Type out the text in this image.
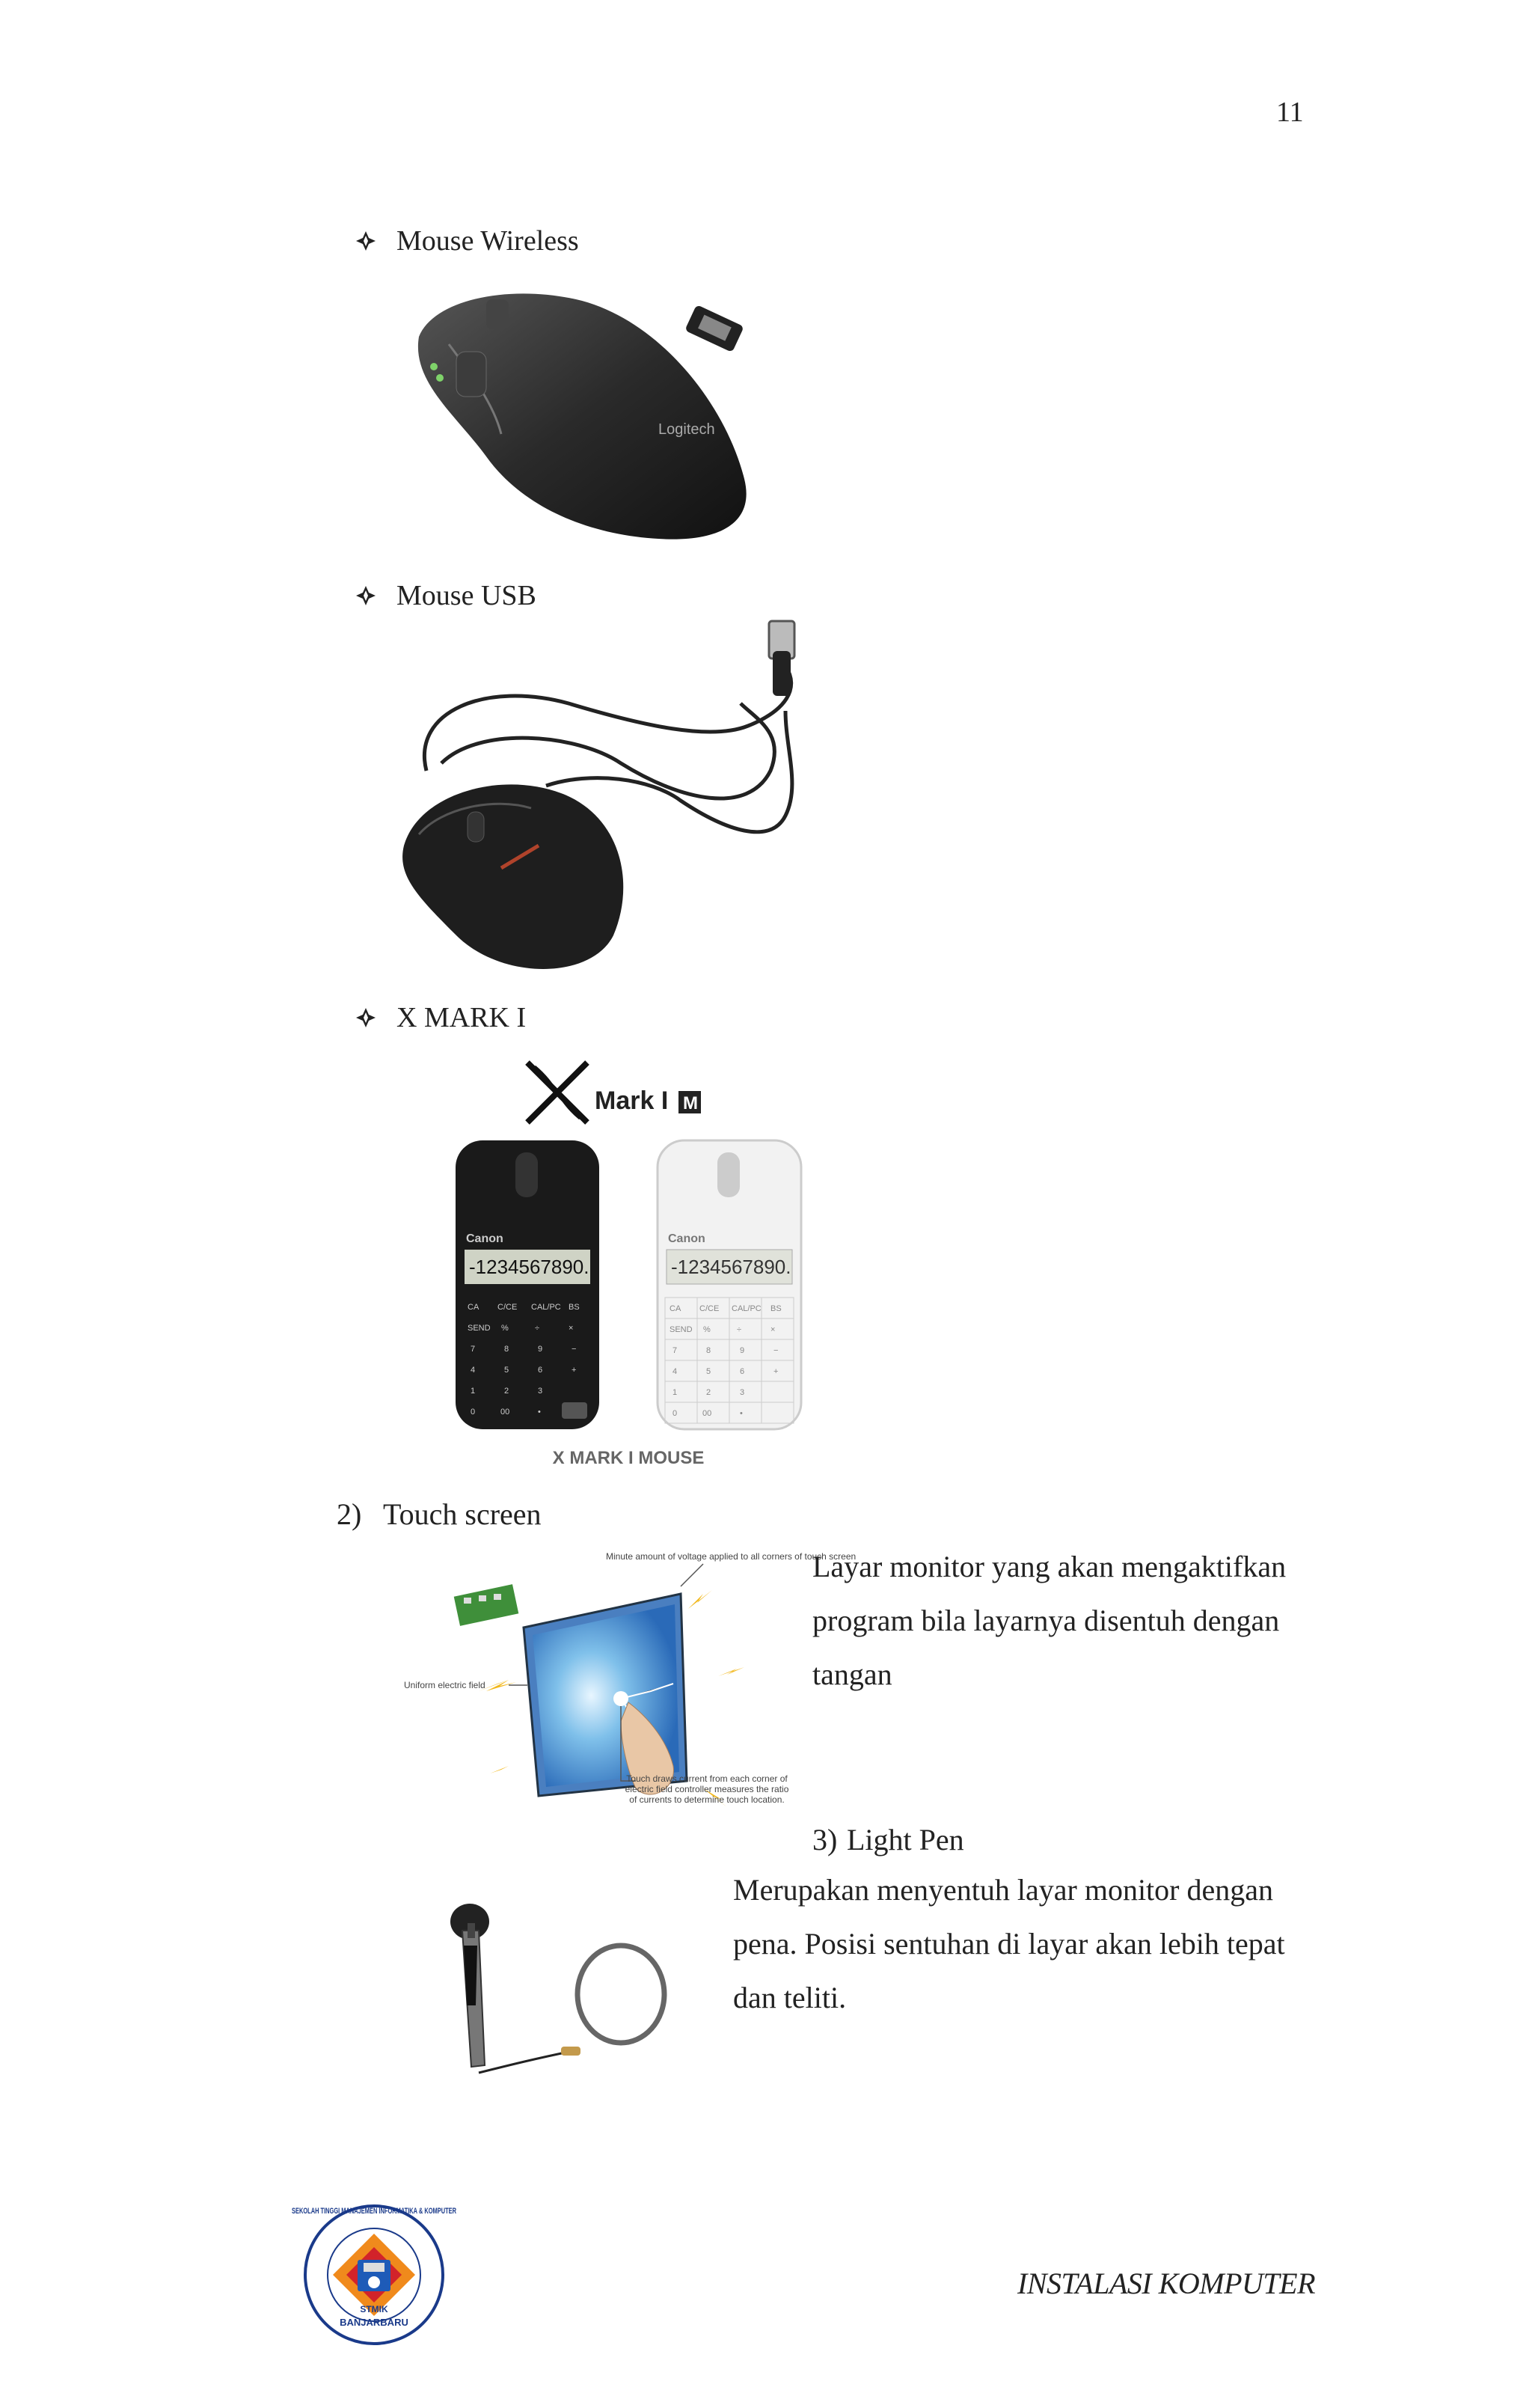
11
Mouse Wireless
Logitech
Mouse USB
X MARK I
Mark I M
Canon
-1234567890.
CA C/CE CAL/PC BS
SEND %	÷	×
7	8	9	−
4	5	6	+
1	2	3
0	00	•
Canon
-1234567890.
CA C/CE CAL/PC BS
SEND %	÷	×
7	8	9	−
4	5	6	+
1	2	3
0	00	•
X MARK I MOUSE
2) Touch screen
Minute amount of voltage applied to all corners of touch screen
Uniform electric field
Touch draws current from each corner of electric field controller measures the ratio of currents to determine touch location.
Layar monitor yang akan mengaktifkan program bila layarnya disentuh dengan tangan
3) Light Pen
Merupakan menyentuh layar monitor dengan pena. Posisi sentuhan di layar akan lebih tepat dan teliti.
SEKOLAH TINGGI MANAJEMEN INFORMATIKA & KOMPUTER
STMIK
BANJARBARU
INSTALASI KOMPUTER
